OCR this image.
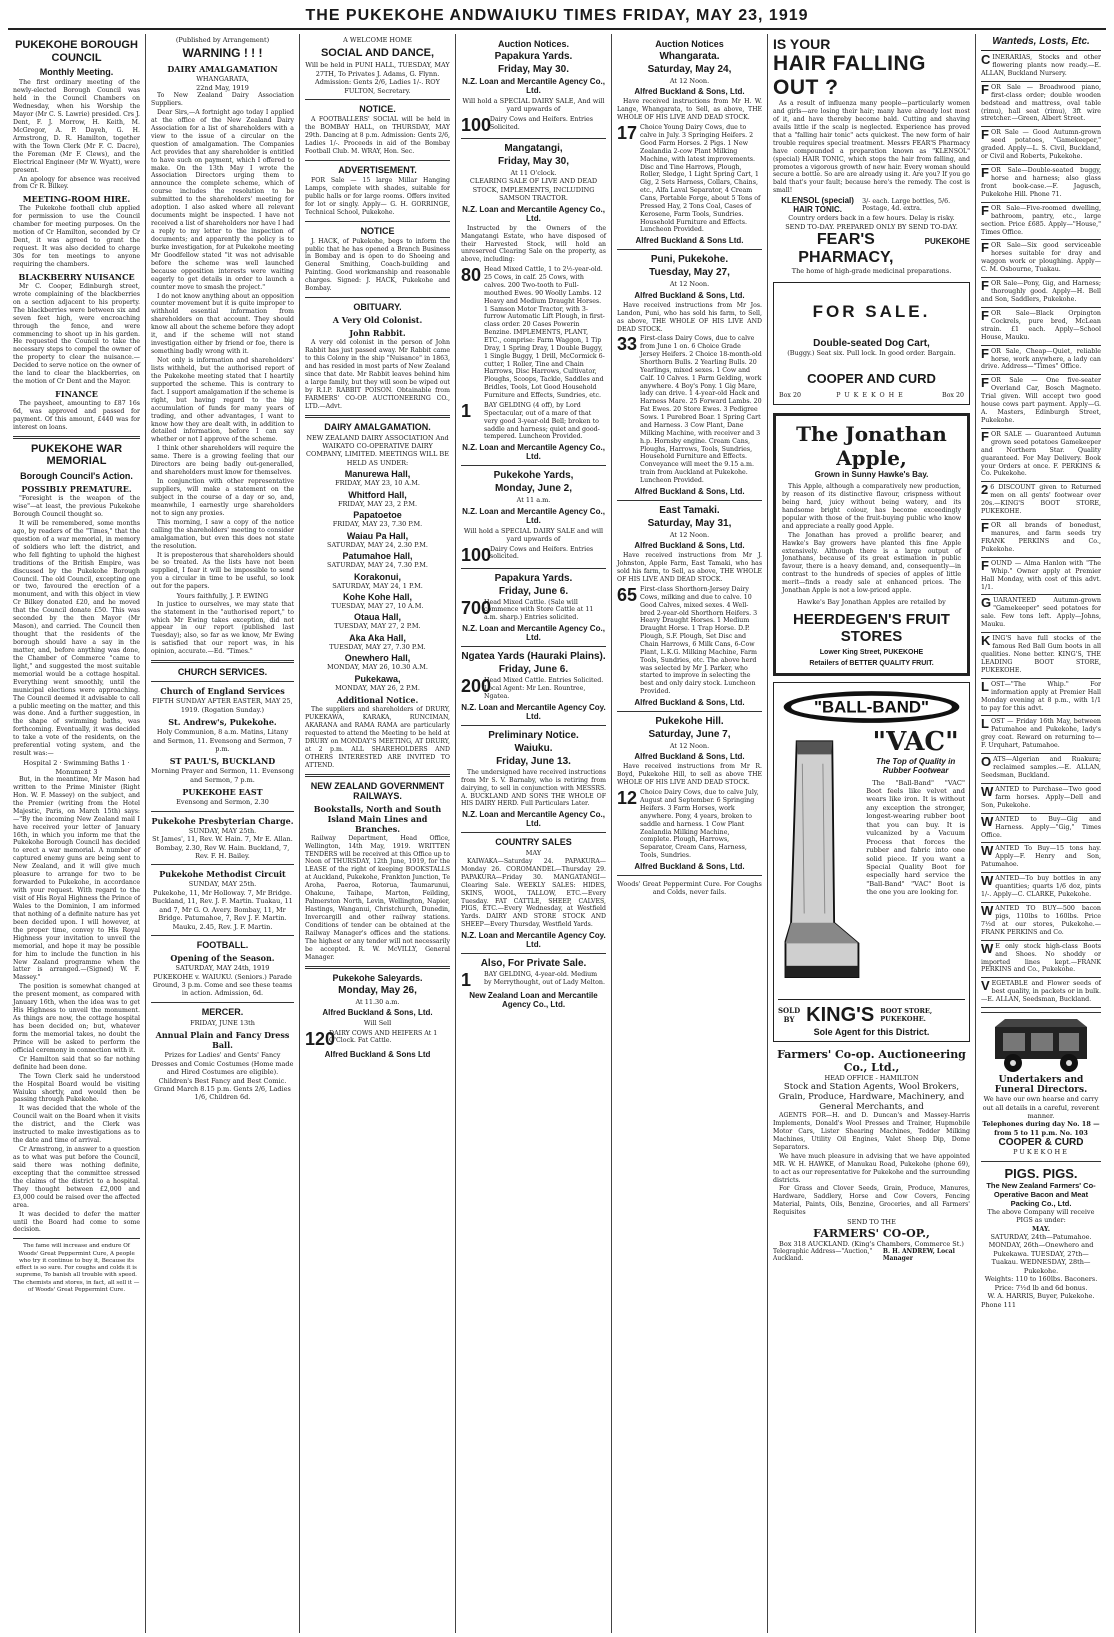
THE PUKEKOHE ANDWAIUKU TIMES FRIDAY, MAY 23, 1919
PUKEKOHE BOROUGH COUNCIL
Monthly Meeting.

The first ordinary meeting of the newly-elected Borough Council was held in the Council Chambers on Wednesday, when his Worship the Mayor (Mr C. S. Lawrie) presided. Crs J. Dent, F. J. Morrow, H. Keith, M. McGregor, A. P. Dayeh, G. H. Armstrong, D. R. Hamilton, together with the Town Clerk (Mr F. C. Dacre), the Foreman (Mr F. Clews), and the Electrical Engineer (Mr W. Wyatt), were present.

An apology for absence was received from Cr R. Bilkey.

MEETING-ROOM HIRE.

The Pukekohe football club applied for permission to use the Council chamber for meeting purposes. On the motion of Cr Hamilton, seconded by Cr Dent, it was agreed to grant the request. It was also decided to charge 30s for ten meetings to anyone requiring the chambers.

BLACKBERRY NUISANCE

Mr C. Cooper, Edinburgh street, wrote complaining of the blackberries on a section adjacent to his property. The blackberries were between six and seven feet high, were encroaching through the fence, and were commencing to shoot up in his garden. He requested the Council to take the necessary steps to compel the owner of the property to clear the nuisance.—Decided to serve notice on the owner of the land to clear the blackberries, on the motion of Cr Dent and the Mayor.

FINANCE

The paysheet, amounting to £87 16s 6d, was approved and passed for payment. Of this amount, £440 was for interest on loans.

PUKEKOHE WAR MEMORIAL
Borough Council's Action.
POSSIBLY PREMATURE.

"Foresight is the weapon of the wise"—at least, the previous Pukekohe Borough Council thought so.

It will be remembered, some months ago, by readers of the "Times," that the question of a war memorial, in memory of soldiers who left the district, and who fell fighting to uphold the highest traditions of the British Empire, was discussed by the Pukekohe Borough Council. The old Council, excepting one or two, favoured the erection of a monument, and with this object in view Cr Bilkey donated £20, and he moved that the Council donate £50. This was seconded by the then Mayor (Mr Mason), and carried. The Council then thought that the residents of the borough should have a say in the matter, and, before anything was done, the Chamber of Commerce "came to light," and suggested the most suitable memorial would be a cottage hospital. Everything went smoothly, until the municipal elections were approaching. The Council deemed it advisable to call a public meeting on the matter, and this was done. And a further suggestion, in the shape of swimming baths, was forthcoming. Eventually, it was decided to take a vote of the residents, on the preferential voting system, and the result was:—

Hospital 2 · Swimming Baths 1 · Monument 3

But, in the meantime, Mr Mason had written to the Prime Minister (Right Hon. W. F. Massey) on the subject, and the Premier (writing from the Hotel Majestic, Paris, on March 15th) says:—"By the incoming New Zealand mail I have received your letter of January 16th, in which you inform me that the Pukekohe Borough Council has decided to erect a war memorial. A number of captured enemy guns are being sent to New Zealand, and it will give much pleasure to arrange for two to be forwarded to Pukekohe, in accordance with your request. With regard to the visit of His Royal Highness the Prince of Wales to the Dominion, I am informed that nothing of a definite nature has yet been decided upon. I will however, at the proper time, convey to His Royal Highness your invitation to unveil the memorial, and hope it may be possible for him to include the function in his New Zealand programme when the latter is arranged.—(Signed) W. F. Massey."

The position is somewhat changed at the present moment, as compared with January 16th, when the idea was to get His Highness to unveil the monument. As things are now, the cottage hospital has been decided on; but, whatever form the memorial takes, no doubt the Prince will be asked to perform the official ceremony in connection with it.

Cr Hamilton said that so far nothing definite had been done.

The Town Clerk said he understood the Hospital Board would be visiting Waiuku shortly, and would then be passing through Pukekohe.

It was decided that the whole of the Council wait on the Board when it visits the district, and the Clerk was instructed to make investigations as to the date and time of arrival.

Cr Armstrong, in answer to a question as to what was put before the Council, said there was nothing definite, excepting that the committee stressed the claims of the district to a hospital. They thought between £2,000 and £3,000 could be raised over the affected area.

It was decided to defer the matter until the Board had come to some decision.

The fame will increase and endure Of Woods' Great Peppermint Cure, A people who try it continue to buy it, Because its effect is so sure. For coughs and colds it is supreme, To banish all trouble with speed. The chemists and stores, in fact, all sell it — of Woods' Great Peppermint Cure.

(Published by Arrangement)

WARNING ! ! !
DAIRY AMALGAMATION

WHANGARATA,

22nd May, 1919

To New Zealand Dairy Association Suppliers.

Dear Sirs,—A fortnight ago today I applied at the office of the New Zealand Dairy Association for a list of shareholders with a view to the issue of a circular on the question of amalgamation. The Companies Act provides that any shareholder is entitled to have such on payment, which I offered to make. On the 13th May I wrote the Association Directors urging them to announce the complete scheme, which of course includes the resolution to be submitted to the shareholders' meeting for adoption. I also asked where all relevant documents might be inspected. I have not received a list of shareholders nor have I had a reply to my letter to the inspection of documents; and apparently the policy is to burke investigation, for at Pukekohe meeting Mr Goodfellow stated "it was not advisable before the scheme was well launched because opposition interests were waiting eagerly to get details in order to launch a counter move to smash the project."

I do not know anything about an opposition counter movement but it is quite improper to withhold essential information from shareholders on that account. They should know all about the scheme before they adopt it, and if the scheme will not stand investigation either by friend or foe, there is something badly wrong with it.

Not only is information and shareholders' lists withheld, but the authorised report of the Pukekohe meeting stated that I heartily supported the scheme. This is contrary to fact. I support amalgamation if the scheme is right, but having regard to the big accumulation of funds for many years of trading, and other advantages, I want to know how they are dealt with, in addition to detailed information, before I can say whether or not I approve of the scheme.

I think other shareholders will require the same. There is a growing feeling that our Directors are being badly out-generalled, and shareholders must know for themselves.

In conjunction with other representative suppliers, will make a statement on the subject in the course of a day or so, and, meanwhile, I earnestly urge shareholders not to sign any proxies.

This morning, I saw a copy of the notice calling the shareholders' meeting to consider amalgamation, but even this does not state the resolution.

It is preposterous that shareholders should be so treated. As the lists have not been supplied, I fear it will be impossible to send you a circular in time to be useful, so look out for the papers.

Yours faithfully, J. P. EWING

In justice to ourselves, we may state that the statement in the "authorised report," to which Mr Ewing takes exception, did not appear in our report (published last Tuesday); also, so far as we know, Mr Ewing is satisfied that our report was, in his opinion, accurate.—Ed. "Times."

CHURCH SERVICES.
Church of England Services

FIFTH SUNDAY AFTER EASTER, MAY 25, 1919. (Rogation Sunday.)

St. Andrew's, Pukekohe.

Holy Communion, 8 a.m. Matins, Litany and Sermon, 11. Evensong and Sermon, 7 p.m.

ST PAUL'S, BUCKLAND

Morning Prayer and Sermon, 11. Evensong and Sermon, 7 p.m.

PUKEKOHE EAST

Evensong and Sermon, 2.30

Pukekohe Presbyterian Charge.

SUNDAY, MAY 25th.

St James', 11, Rev. W. Hain. 7, Mr E. Allan. Bombay, 2.30, Rev W. Hain. Buckland, 7, Rev. F. H. Bailey.

Pukekohe Methodist Circuit

SUNDAY, MAY 25th.

Pukekohe, 11, Mr Holloway. 7, Mr Bridge. Buckland, 11, Rev. J. F. Martin. Tuakau, 11 and 7, Mr G. O. Avery. Bombay, 11, Mr Bridge. Patumahoe, 7, Rev J. F. Martin. Mauku, 2.45, Rev. J. F. Martin.

FOOTBALL.
Opening of the Season.

SATURDAY, MAY 24th, 1919

PUKEKOHE v. WAIUKU. (Seniors.) Parade Ground, 3 p.m. Come and see these teams in action. Admission, 6d.

MERCER.

FRIDAY, JUNE 13th

Annual Plain and Fancy Dress Ball.

Prizes for Ladies' and Gents' Fancy Dresses and Comic Costumes (Home made and Hired Costumes are eligible). Children's Best Fancy and Best Comic. Grand March 8.15 p.m. Gents 2/6, Ladies 1/6, Children 6d.

A WELCOME HOME

SOCIAL AND DANCE,

Will be held in PUNI HALL, TUESDAY, MAY 27TH, To Privates J. Adams, G. Flynn. Admission: Gents 2/6, Ladies 1/-. ROY FULTON, Secretary.

NOTICE.

A FOOTBALLERS' SOCIAL will be held in the BOMBAY HALL, on THURSDAY, MAY 29th. Dancing at 8 p.m. Admission: Gents 2/6, Ladies 1/-. Proceeds in aid of the Bombay Football Club. M. WRAY, Hon. Sec.

ADVERTISEMENT.

FOR Sale — 15 large Millar Hanging Lamps, complete with shades, suitable for public halls or for large rooms. Offers invited for lot or singly. Apply— G. H. GORRINGE, Technical School, Pukekohe.

NOTICE

J. HACK, of Pukekohe, begs to inform the public that he has opened a Branch Business in Bombay and is open to do Shoeing and General Smithing, Coach-building and Painting. Good workmanship and reasonable charges. Signed: J. HACK, Pukekohe and Bombay.

OBITUARY.
A Very Old Colonist.
John Rabbit.

A very old colonist in the person of John Rabbit has just passed away. Mr Rabbit came to this Colony in the ship "Nuisance" in 1863, and has resided in most parts of New Zealand since that date. Mr Rabbit leaves behind him a large family, but they will soon be wiped out by R.I.P. RABBIT POISON. Obtainable from FARMERS' CO-OP. AUCTIONEERING CO., LTD.—Advt.

DAIRY AMALGAMATION.

NEW ZEALAND DAIRY ASSOCIATION And WAIKATO CO-OPERATIVE DAIRY COMPANY, LIMITED. MEETINGS WILL BE HELD AS UNDER:

Manurewa Hall,

FRIDAY, MAY 23, 10 A.M.

Whitford Hall,

FRIDAY, MAY 23, 2 P.M.

Papatoetoe

FRIDAY, MAY 23, 7.30 P.M.

Waiau Pa Hall,

SATURDAY, MAY 24, 2.30 P.M.

Patumahoe Hall,

SATURDAY, MAY 24, 7.30 P.M.

Korakonui,

SATURDAY, MAY 24, 1 P.M.

Kohe Kohe Hall,

TUESDAY, MAY 27, 10 A.M.

Otaua Hall,

TUESDAY, MAY 27, 2 P.M.

Aka Aka Hall,

TUESDAY, MAY 27, 7.30 P.M.

Onewhero Hall,

MONDAY, MAY 26, 10.30 A.M.

Pukekawa,

MONDAY, MAY 26, 2 P.M.

Additional Notice.

The suppliers and shareholders of DRURY, PUKEKAWA, KARAKA, RUNCIMAN, AKARANA and RAMA RAMA are particularly requested to attend the Meeting to be held at DRURY on MONDAY'S MEETING, AT DRURY, at 2 p.m. ALL SHAREHOLDERS AND OTHERS INTERESTED ARE INVITED TO ATTEND.

NEW ZEALAND GOVERNMENT RAILWAYS.
Bookstalls, North and South Island Main Lines and Branches.

Railway Department, Head Office, Wellington, 14th May, 1919. WRITTEN TENDERS will be received at this Office up to Noon of THURSDAY, 12th June, 1919, for the LEASE of the right of keeping BOOKSTALLS at Auckland, Pukekohe, Frankton Junction, Te Aroha, Paeroa, Rotorua, Taumarunui, Ohakune, Taihape, Marton, Feilding, Palmerston North, Levin, Wellington, Napier, Hastings, Wanganui, Christchurch, Dunedin, Invercargill and other railway stations. Conditions of tender can be obtained at the Railway Manager's offices and the stations. The highest or any tender will not necessarily be accepted. R. W. McVILLY, General Manager.

Pukekohe Saleyards.
Monday, May 26,

At 11.30 a.m.

Alfred Buckland & Sons, Ltd.

Will Sell

120
DAIRY COWS AND HEIFERS At 1 O'Clock. Fat Cattle.
Alfred Buckland & Sons Ltd
Auction Notices.
Papakura Yards.
Friday, May 30.
N.Z. Loan and Mercantile Agency Co., Ltd.

Will hold a SPECIAL DAIRY SALE, And will yard upwards of

100
Dairy Cows and Heifers. Entries Solicited.
Mangatangi,
Friday, May 30,

At 11 O'clock.

CLEARING SALE OF LIVE AND DEAD STOCK, IMPLEMENTS, INCLUDING SAMSON TRACTOR.

N.Z. Loan and Mercantile Agency Co., Ltd.

Instructed by the Owners of the Mangatangi Estate, who have disposed of their Harvested Stock, will hold an unreserved Clearing Sale on the property, as above, including:

80 Head Mixed Cattle, 1 to 2½-year-old. 25 Cows, in calf. 25 Cows, with calves. 200 Two-tooth to Full-mouthed Ewes. 90 Woolly Lambs. 12 Heavy and Medium Draught Horses. 1 Samson Motor Tractor, with 3-furrow Automatic Lift Plough, in first-class order. 20 Cases Powerin Benzine. IMPLEMENTS, PLANT, ETC., comprise: Farm Waggon, 1 Tip Dray, 1 Spring Dray, 1 Double Buggy, 1 Single Buggy, 1 Drill, McCormick 6-cutter, 1 Roller, Tine and Chain Harrows, Disc Harrows, Cultivator, Ploughs, Scoops, Tackle, Saddles and Bridles, Tools, Lot Good Household Furniture and Effects, Sundries, etc.
1	BAY GELDING (4 off), by Lord Spectacular, out of a mare of that very good 3-year-old Bell; broken to saddle and harness; quiet and good-tempered. Luncheon Provided.
N.Z. Loan and Mercantile Agency Co., Ltd.
Pukekohe Yards,
Monday, June 2,

At 11 a.m.

N.Z. Loan and Mercantile Agency Co., Ltd.

Will hold a SPECIAL DAIRY SALE and will yard upwards of

100
Dairy Cows and Heifers. Entries solicited.
Papakura Yards.
Friday, June 6.
700
Head Mixed Cattle. (Sale will commence with Store Cattle at 11 a.m. sharp.) Entries solicited.
N.Z. Loan and Mercantile Agency Co., Ltd.
Ngatea Yards (Hauraki Plains).
Friday, June 6.
200
Head Mixed Cattle. Entries Solicited. Local Agent: Mr Len. Rountree, Ngatea.
N.Z. Loan and Mercantile Agency Coy. Ltd.
Preliminary Notice.
Waiuku.
Friday, June 13.

The undersigned have received instructions from Mr S. V. Barnaby, who is retiring from dairying, to sell in conjunction with MESSRS. A. BUCKLAND AND SONS THE WHOLE OF HIS DAIRY HERD. Full Particulars Later.

N.Z. Loan and Mercantile Agency Co., Ltd.
COUNTRY SALES

MAY

KAIWAKA—Saturday 24. PAPAKURA—Monday 26. COROMANDEL—Thursday 29. PAPAKURA—Friday 30. MANGATANGI—Clearing Sale. WEEKLY SALES: HIDES, SKINS, WOOL, TALLOW, ETC.—Every Tuesday. FAT CATTLE, SHEEP, CALVES, PIGS, ETC.—Every Wednesday, at Westfield Yards. DAIRY AND STORE STOCK AND SHEEP—Every Thursday, Westfield Yards.

N.Z. Loan and Mercantile Agency Coy. Ltd.
Also, For Private Sale.
1	BAY GELDING, 4-year-old. Medium by Merrythought, out of Lady Melton.
New Zealand Loan and Mercantile Agency Co., Ltd.
Auction Notices
Whangarata.
Saturday, May 24,

At 12 Noon.

Alfred Buckland & Sons, Ltd.

Have received instructions from Mr H. W. Lange, Whangarata, to Sell, as above, THE WHOLE OF HIS LIVE AND DEAD STOCK.

17 Choice Young Dairy Cows, due to calve in July. 3 Springing Heifers. 2 Good Farm Horses. 2 Pigs. 1 New Zealandia 2-cow Plant Milking Machine, with latest improvements. Disc and Tine Harrows, Plough, Roller, Sledge, 1 Light Spring Cart, 1 Gig, 2 Sets Harness, Collars, Chains, etc., Alfa Laval Separator, 4 Cream Cans, Portable Forge, about 5 Tons of Pressed Hay, 2 Tons Coal, Cases of Kerosene, Farm Tools, Sundries. Household Furniture and Effects. Luncheon Provided.
Alfred Buckland & Sons Ltd.
Puni, Pukekohe.
Tuesday, May 27,

At 12 Noon.

Alfred Buckland & Sons, Ltd.

Have received instructions from Mr Jos. Landon, Puni, who has sold his farm, to Sell, as above, THE WHOLE OF HIS LIVE AND DEAD STOCK.

33 First-class Dairy Cows, due to calve from June 1 on. 6 Choice Grade Jersey Heifers. 2 Choice 18-month-old Shorthorn Bulls. 2 Yearling Bulls. 20 Yearlings, mixed sexes. 1 Cow and Calf. 10 Calves. 1 Farm Gelding, work anywhere. 4 Boy's Pony. 1 Gig Mare, lady can drive. 1 4-year-old Hack and Harness Mare. 25 Forward Lambs. 20 Fat Ewes. 20 Store Ewes. 3 Pedigree Sows. 1 Purebred Boar. 1 Spring Cart and Harness. 3 Cow Plant, Dane Milking Machine, with receiver and 3 h.p. Hornsby engine. Cream Cans, Ploughs, Harrows, Tools, Sundries, Household Furniture and Effects. Conveyance will meet the 9.15 a.m. train from Auckland at Pukekohe. Luncheon Provided.
Alfred Buckland & Sons, Ltd.
East Tamaki.
Saturday, May 31,

At 12 Noon.

Alfred Buckland & Sons, Ltd.

Have received instructions from Mr J. Johnston, Apple Farm, East Tamaki, who has sold his farm, to Sell, as above, THE WHOLE OF HIS LIVE AND DEAD STOCK.

65 First-class Shorthorn-Jersey Dairy Cows, milking and due to calve. 10 Good Calves, mixed sexes. 4 Well-bred 2-year-old Shorthorn Heifers. 3 Heavy Draught Horses. 1 Medium Draught Horse. 1 Trap Horse. D.P. Plough, S.F. Plough, Set Disc and Chain Harrows, 6 Milk Cans, 6-Cow Plant, L.K.G. Milking Machine, Farm Tools, Sundries, etc. The above herd was selected by Mr J. Parker, who started to improve in selecting the best and only dairy stock. Luncheon Provided.
Alfred Buckland & Sons, Ltd.
Pukekohe Hill.
Saturday, June 7,

At 12 Noon.

Alfred Buckland & Sons, Ltd.

Have received instructions from Mr R. Boyd, Pukekohe Hill, to sell as above THE WHOLE OF HIS LIVE AND DEAD STOCK.

12 Choice Dairy Cows, due to calve July, August and September. 6 Springing Heifers. 3 Farm Horses, work anywhere. Pony, 4 years, broken to saddle and harness. 1 Cow Plant Zealandia Milking Machine, complete. Plough, Harrows, Separator, Cream Cans, Harness, Tools, Sundries.
Alfred Buckland & Sons, Ltd.

Woods' Great Peppermint Cure. For Coughs and Colds, never fails.

IS YOUR
HAIR FALLING OUT ?

As a result of influenza many people—particularly women and girls—are losing their hair; many have already lost most of it, and have thereby become bald. Cutting and shaving avails little if the scalp is neglected. Experience has proved that a "falling hair tonic" acts quickest. The new form of hair trouble requires special treatment. Messrs FEAR'S Pharmacy have compounded a preparation known as "KLENSOL" (special) HAIR TONIC, which stops the hair from falling, and promotes a vigorous growth of new hair. Every woman should secure a bottle. So are are already using it. Are you? If you go bald that's your fault; because here's the remedy. The cost is small!

KLENSOL (special) HAIR TONIC.
3/- each. Large bottles, 5/6. Postage, 4d. extra.

Country orders back in a few hours. Delay is risky.

SEND TO-DAY. PREPARED ONLY BY SEND TO-DAY.

FEAR'S PHARMACY,
PUKEKOHE

The home of high-grade medicinal preparations.

FOR SALE.
Double-seated Dog Cart,

(Buggy.) Seat six. Pull lock. In good order. Bargain.

COOPER AND CURD
Box 20	PUKEKOHE	Box 20
The Jonathan Apple,
Grown in Sunny Hawke's Bay.

This Apple, although a comparatively new production, by reason of its distinctive flavour, crispness without being hard, juicy without being watery, and its handsome bright colour, has become exceedingly popular with those of the fruit-buying public who know and appreciate a really good Apple.

The Jonathan has proved a prolific bearer, and Hawke's Bay growers have planted this fine Apple extensively. Although there is a large output of Jonathans, because of its great estimation in public favour, there is a heavy demand, and, consequently—in contrast to the hundreds of species of apples of little merit—finds a ready sale at enhanced prices. The Jonathan Apple is not a low-priced apple.

Hawke's Bay Jonathan Apples are retailed by

HEERDEGEN'S FRUIT STORES
Lower King Street, PUKEKOHE
Retailers of BETTER QUALITY FRUIT.
"BALL-BAND"
"VAC"
The Top of Quality in Rubber Footwear

The "Ball-Band" "VAC" Boot feels like velvet and wears like iron. It is without any exception the stronger, longest-wearing rubber boot that you can buy. It is vulcanized by a Vacuum Process that forces the rubber and fabric into one solid piece. If you want a Special Quality Boot for especially hard service the "Ball-Band" "VAC" Boot is the one you are looking for.

SOLD BY KING'S BOOT STORE, PUKEKOHE.
Sole Agent for this District.
Farmers' Co-op. Auctioneering Co., Ltd.,

HEAD OFFICE - HAMILTON

Stock and Station Agents, Wool Brokers, Grain, Produce, Hardware, Machinery, and General Merchants, and

AGENTS FOR—H. and D. Duncan's and Massey-Harris Implements, Donald's Wool Presses and Trainer, Hupmobile Motor Cars, Lister Shearing Machines, Tedder Milking Machines, Utility Oil Engines, Valet Sheep Dip, Dome Separators.

We have much pleasure in advising that we have appointed MR. W. H. HAWKE, of Manukau Road, Pukekohe (phone 69), to act as our representative for Pukekohe and the surrounding districts.

For Grass and Clover Seeds, Grain, Produce, Manures, Hardware, Saddlery, Horse and Cow Covers, Fencing Material, Paints, Oils, Benzine, Groceries, and all Farmers' Requisites

SEND TO THE

FARMERS' CO-OP.,

Box 318 AUCKLAND. (King's Chambers, Commerce St.)

Telegraphic Address—"Auction," Auckland.
B. H. ANDREW, Local Manager
Wanteds, Losts, Etc.
CINERARIAS, Stocks and other flowering plants now ready.—E. ALLAN, Buckland Nursery.
FOR Sale — Broadwood piano, first-class order; double wooden bedstead and mattress, oval table (rimu), hall seat (rimu), 3ft wire stretcher.—Green, Albert Street.
FOR Sale — Good Autumn-grown seed potatoes, "Gamekeeper," graded. Apply—L. S. Civil, Buckland, or Civil and Roberts, Pukekohe.
FOR Sale—Double-seated buggy, horse and harness; also glass front book-case.—F. Jagusch, Pukekohe Hill. Phone 71.
FOR Sale—Five-roomed dwelling, bathroom, pantry, etc., large section. Price £685. Apply—"House," Times Office.
FOR Sale—Six good serviceable horses suitable for dray and waggon work or ploughing. Apply—C. M. Osbourne, Tuakau.
FOR Sale—Pony, Gig, and Harness; thoroughly good. Apply—H. Bell and Son, Saddlers, Pukekohe.
FOR Sale—Black Orpington Cockrels, pure bred, McLean strain. £1 each. Apply—School House, Mauku.
FOR Sale, Cheap—Quiet, reliable horse, work anywhere, a lady can drive. Address—"Times" Office.
FOR Sale — One five-seater Overland Car, Bosch Magneto. Trial given. Will accept two good house cows part payment. Apply—G. A. Masters, Edinburgh Street, Pukekohe.
FOR SALE — Guaranteed Autumn grown seed potatoes Gamekeeper and Northern Star. Quality guaranteed. For May Delivery. Book your Orders at once. F. PERKINS & Co. Pukekohe.
2 6 DISCOUNT given to Returned men on all gents' footwear over 20s.—KING'S BOOT STORE, PUKEKOHE.
FOR all brands of bonedust, manures, and farm seeds try FRANK PERKINS and Co., Pukekohe.
FOUND — Alma Hanlon with "The Whip." Owner apply at Premier Hall Monday, with cost of this advt. 1/1.
GUARANTEED Autumn-grown "Gamekeeper" seed potatoes for sale. Few tons left. Apply—Johns, Mauku.
KING'S have full stocks of the famous Red Ball Gum boots in all qualities. None better. KING'S, THE LEADING BOOT STORE, PUKEKOHE.
LOST—"The Whip." For information apply at Premier Hall Monday evening at 8 p.m., with 1/1 to pay for this advt.
LOST — Friday 16th May, between Patumahoe and Pukekohe, lady's grey coat. Reward on returning to—F. Urquhart, Patumahoe.
OATS—Algerian and Ruakura; reclaimed samples.—E. ALLAN, Seedsman, Buckland.
WANTED to Purchase—Two good farm horses. Apply—Dell and Son, Pukekohe.
WANTED to Buy—Gig and Harness. Apply—"Gig," Times Office.
WANTED To Buy—15 tons hay. Apply—F. Henry and Son, Patumahoe.
WANTED—To buy bottles in any quantities; quarts 1/6 doz, pints 1/-. Apply—C. CLARKE, Pukekohe.
WANTED TO BUY—500 bacon pigs, 110lbs to 160lbs. Price 7½d at our stores, Pukekohe.—FRANK PERKINS and Co.
W E only stock high-class Boots and Shoes. No shoddy or imported lines kept.—FRANK PERKINS and Co., Pukekohe.
VEGETABLE and Flower seeds of best quality, in packets or in bulk.—E. ALLAN, Seedsman, Buckland.
Undertakers and Funeral Directors.

We have our own hearse and carry out all details in a careful, reverent manner.

Telephones during day No. 18 — from 5 to 11 p.m. No. 103

COOPER & CURD

PUKEKOHE

PIGS. PIGS.
The New Zealand Farmers' Co-Operative Bacon and Meat Packing Co., Ltd.

The above Company will receive PIGS as under:

MAY.

SATURDAY, 24th—Patumahoe. MONDAY, 26th—Onewhero and Pukekawa. TUESDAY, 27th—Tuakau. WEDNESDAY, 28th—Pukekohe.

Weights: 110 to 160lbs. Baconers. Price: 7½d lb and 6d bonus.

W. A. HARRIS, Buyer, Pukekohe.

Phone 111
